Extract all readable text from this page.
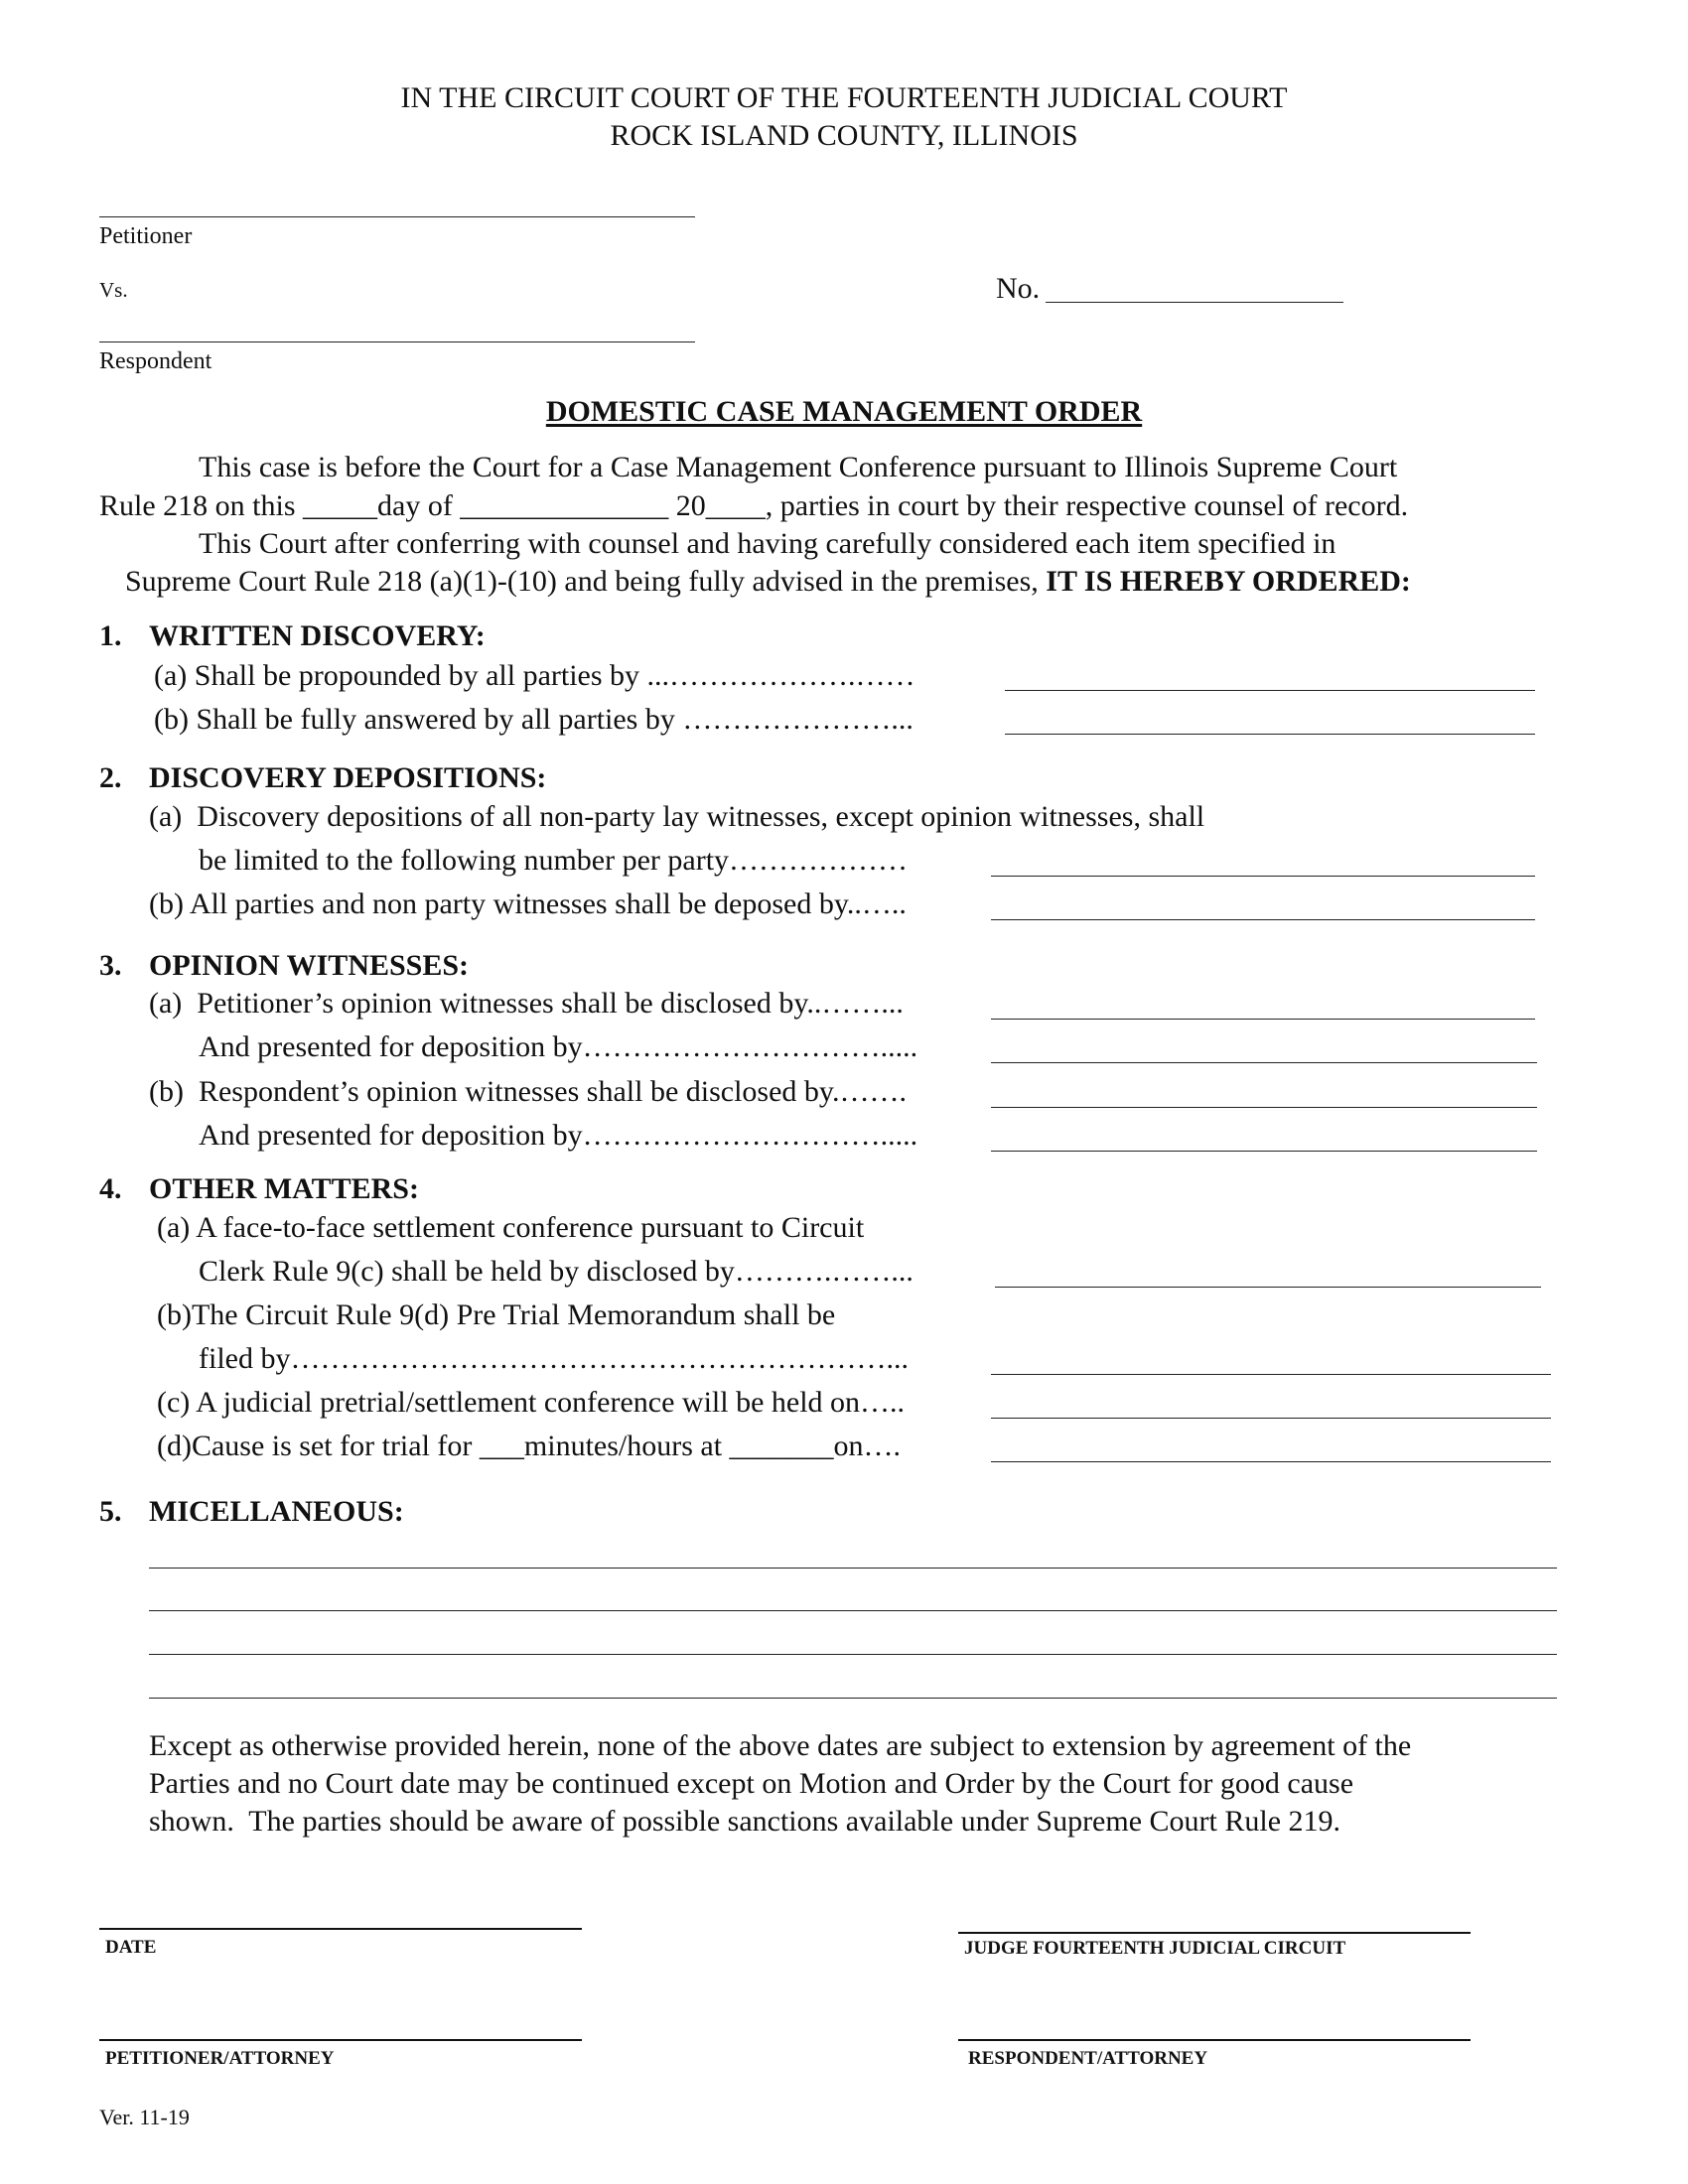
IN THE CIRCUIT COURT OF THE FOURTEENTH JUDICIAL COURT
ROCK ISLAND COUNTY, ILLINOIS
Petitioner
Vs.	No.
Respondent
DOMESTIC CASE MANAGEMENT ORDER
This case is before the Court for a Case Management Conference pursuant to Illinois Supreme Court
Rule 218 on this _____day of ______________ 20____, parties in court by their respective counsel of record.
This Court after conferring with counsel and having carefully considered each item specified in
Supreme Court Rule 218 (a)(1)-(10) and being fully advised in the premises, IT IS HEREBY ORDERED:
1. WRITTEN DISCOVERY:
(a) Shall be propounded by all parties by ...……………….……
(b) Shall be fully answered by all parties by …………………...
2. DISCOVERY DEPOSITIONS:
(a)  Discovery depositions of all non-party lay witnesses, except opinion witnesses, shall
be limited to the following number per party………………
(b) All parties and non party witnesses shall be deposed by..…..
3. OPINION WITNESSES:
(a)  Petitioner’s opinion witnesses shall be disclosed by..……...
And presented for deposition by………………………….....
(b)  Respondent’s opinion witnesses shall be disclosed by.…….
And presented for deposition by………………………….....
4. OTHER MATTERS:
(a) A face-to-face settlement conference pursuant to Circuit
Clerk Rule 9(c) shall be held by disclosed by……….……...
(b)The Circuit Rule 9(d) Pre Trial Memorandum shall be
filed by……………………………………………………...
(c) A judicial pretrial/settlement conference will be held on…..
(d)Cause is set for trial for ___minutes/hours at _______on….
5. MICELLANEOUS:
Except as otherwise provided herein, none of the above dates are subject to extension by agreement of the
Parties and no Court date may be continued except on Motion and Order by the Court for good cause
shown.  The parties should be aware of possible sanctions available under Supreme Court Rule 219.
DATE	JUDGE FOURTEENTH JUDICIAL CIRCUIT
PETITIONER/ATTORNEY	RESPONDENT/ATTORNEY
Ver. 11-19
